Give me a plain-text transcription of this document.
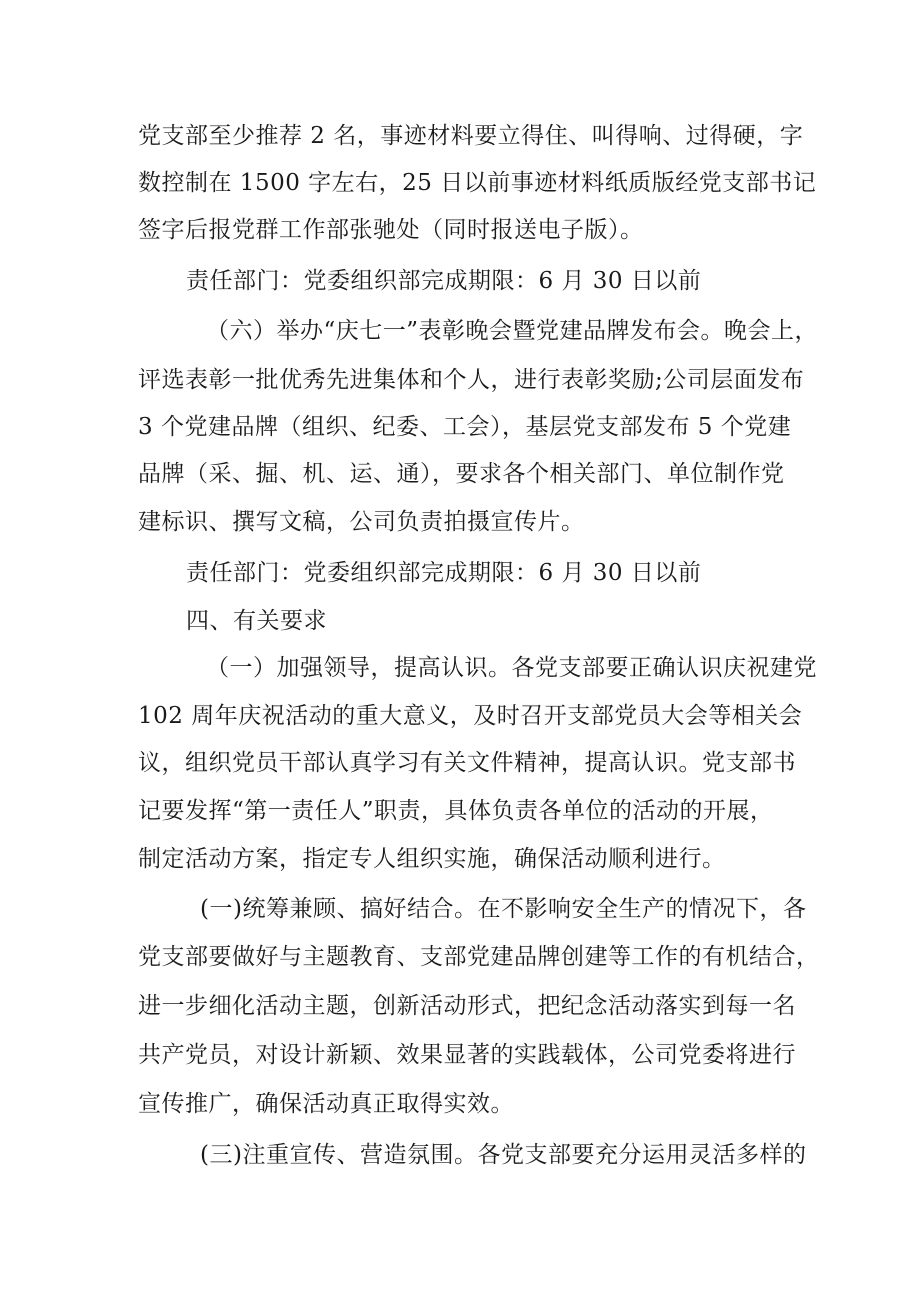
党支部至少推荐 2 名，事迹材料要立得住、叫得响、过得硬，字
数控制在 1500 字左右，25 日以前事迹材料纸质版经党支部书记
签字后报党群工作部张驰处（同时报送电子版）。
责任部门：党委组织部完成期限：6 月 30 日以前
（六）举办“庆七一”表彰晚会暨党建品牌发布会。晚会上，
评选表彰一批优秀先进集体和个人，进行表彰奖励;公司层面发布
3 个党建品牌（组织、纪委、工会），基层党支部发布 5 个党建
品牌（采、掘、机、运、通），要求各个相关部门、单位制作党
建标识、撰写文稿，公司负责拍摄宣传片。
责任部门：党委组织部完成期限：6 月 30 日以前
四、有关要求
（一）加强领导，提高认识。各党支部要正确认识庆祝建党
102 周年庆祝活动的重大意义，及时召开支部党员大会等相关会
议，组织党员干部认真学习有关文件精神，提高认识。党支部书
记要发挥“第一责任人”职责，具体负责各单位的活动的开展，
制定活动方案，指定专人组织实施，确保活动顺利进行。
(一)统筹兼顾、搞好结合。在不影响安全生产的情况下，各
党支部要做好与主题教育、支部党建品牌创建等工作的有机结合，
进一步细化活动主题，创新活动形式，把纪念活动落实到每一名
共产党员，对设计新颖、效果显著的实践载体，公司党委将进行
宣传推广，确保活动真正取得实效。
(三)注重宣传、营造氛围。各党支部要充分运用灵活多样的
